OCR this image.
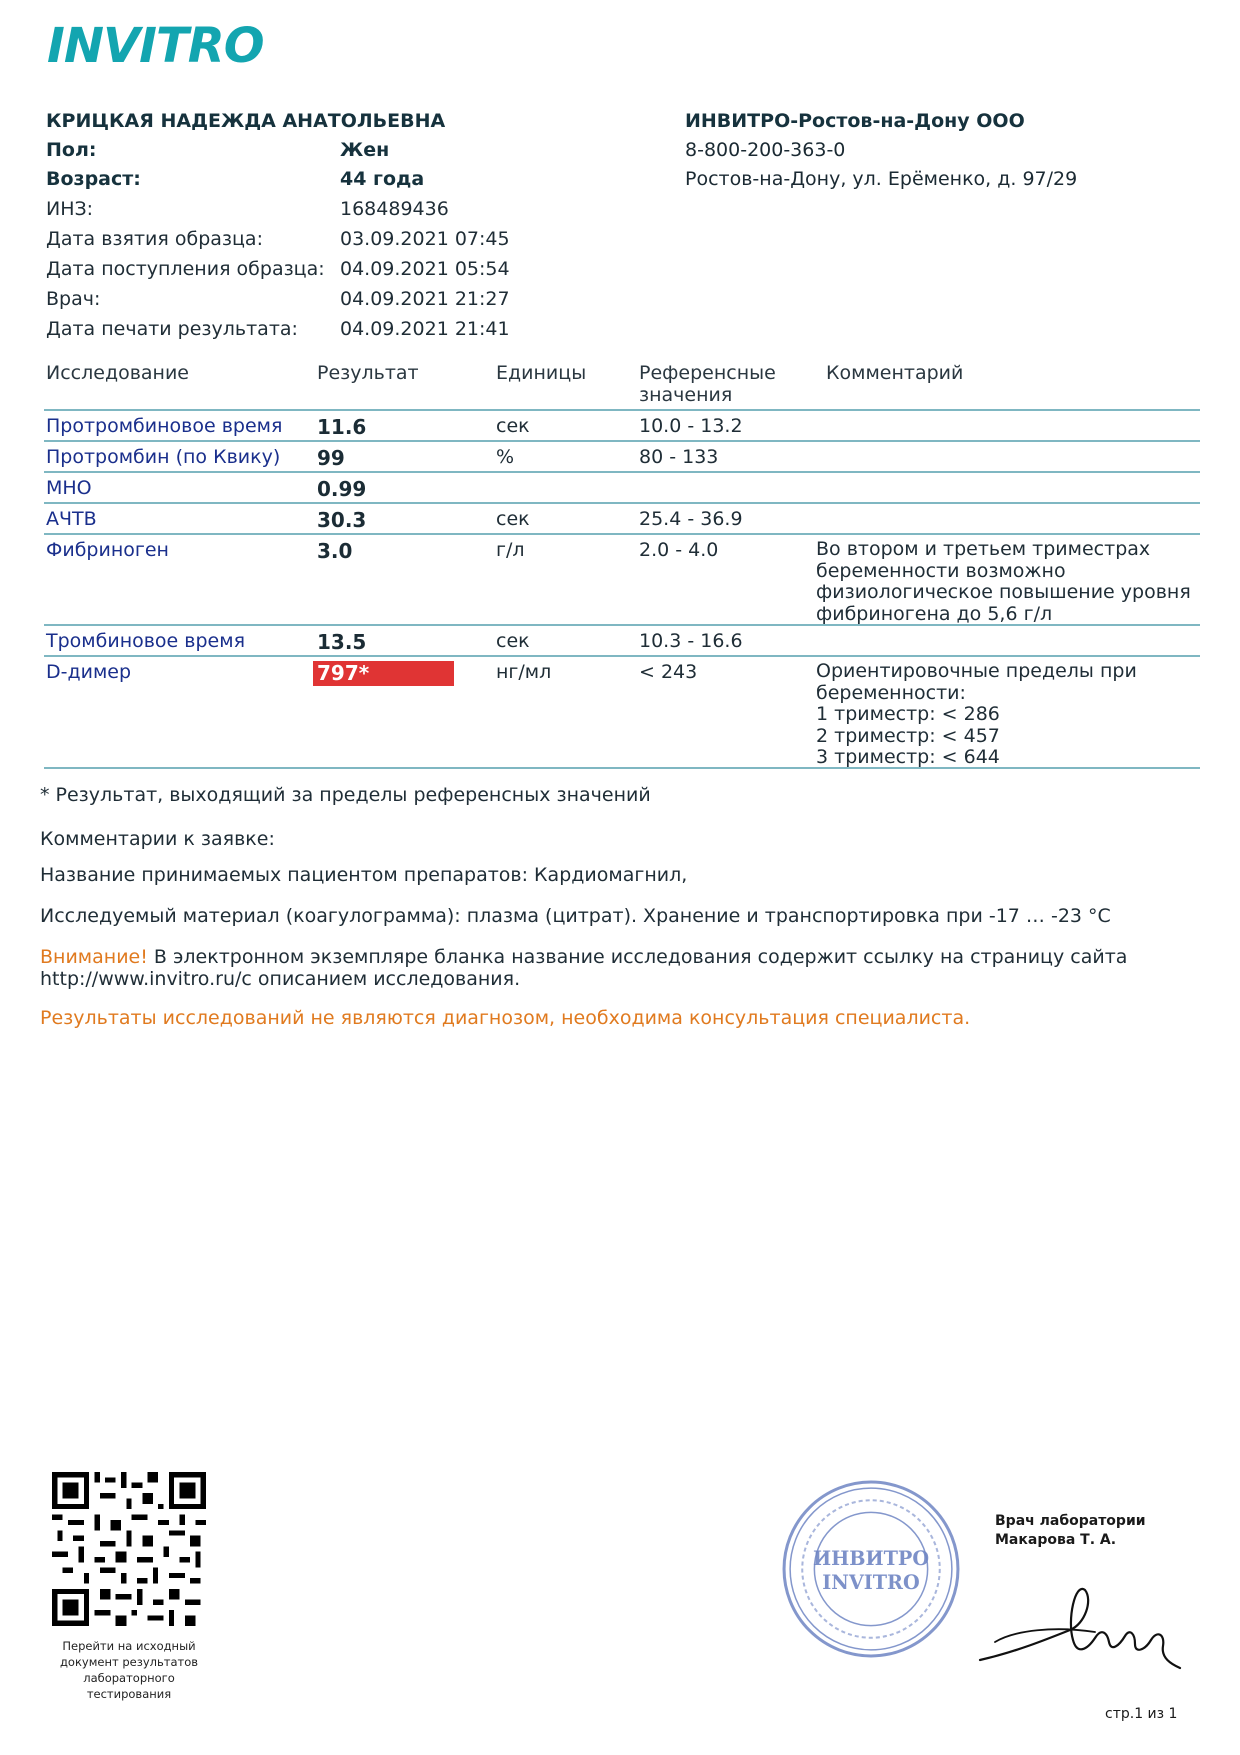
INVITRO
КРИЦКАЯ НАДЕЖДА АНАТОЛЬЕВНА
Пол:	Жен
Возраст:	44 года
ИНЗ:	168489436
Дата взятия образца:	03.09.2021 07:45
Дата поступления образца: 04.09.2021 05:54
Врач:	04.09.2021 21:27
Дата печати результата: 04.09.2021 21:41
ИНВИТРО-Ростов-на-Дону ООО
8-800-200-363-0
Ростов-на-Дону, ул. Ерёменко, д. 97/29
Исследование	Результат	Единицы	Референсные
значения
Комментарий
Протромбиновое время 11.6	сек	10.0 - 13.2
Протромбин (по Квику) 99	%	80 - 133
МНО	0.99
АЧТВ	30.3	сек	25.4 - 36.9
Фибриноген	3.0	г/л	2.0 - 4.0	Во втором и третьем триместрах
беременности возможно
физиологическое повышение уровня
фибриногена до 5,6 г/л
Тромбиновое время	13.5	сек	10.3 - 16.6
D-димер	797*	нг/мл	< 243	Ориентировочные пределы при
беременности:
1 триместр: < 286
2 триместр: < 457
3 триместр: < 644
* Результат, выходящий за пределы референсных значений
Комментарии к заявке:
Название принимаемых пациентом препаратов: Кардиомагнил,
Исследуемый материал (коагулограмма): плазма (цитрат). Хранение и транспортировка при -17 … -23 °С
Внимание! В электронном экземпляре бланка название исследования содержит ссылку на страницу сайта
http://www.invitro.ru/с описанием исследования.
Результаты исследований не являются диагнозом, необходима консультация специалиста.
Перейти на исходный
документ результатов
лабораторного тестирования
ИНВИТРО
INVITRO
Врач лаборатории
Макарова Т. А.
стр.1 из 1
